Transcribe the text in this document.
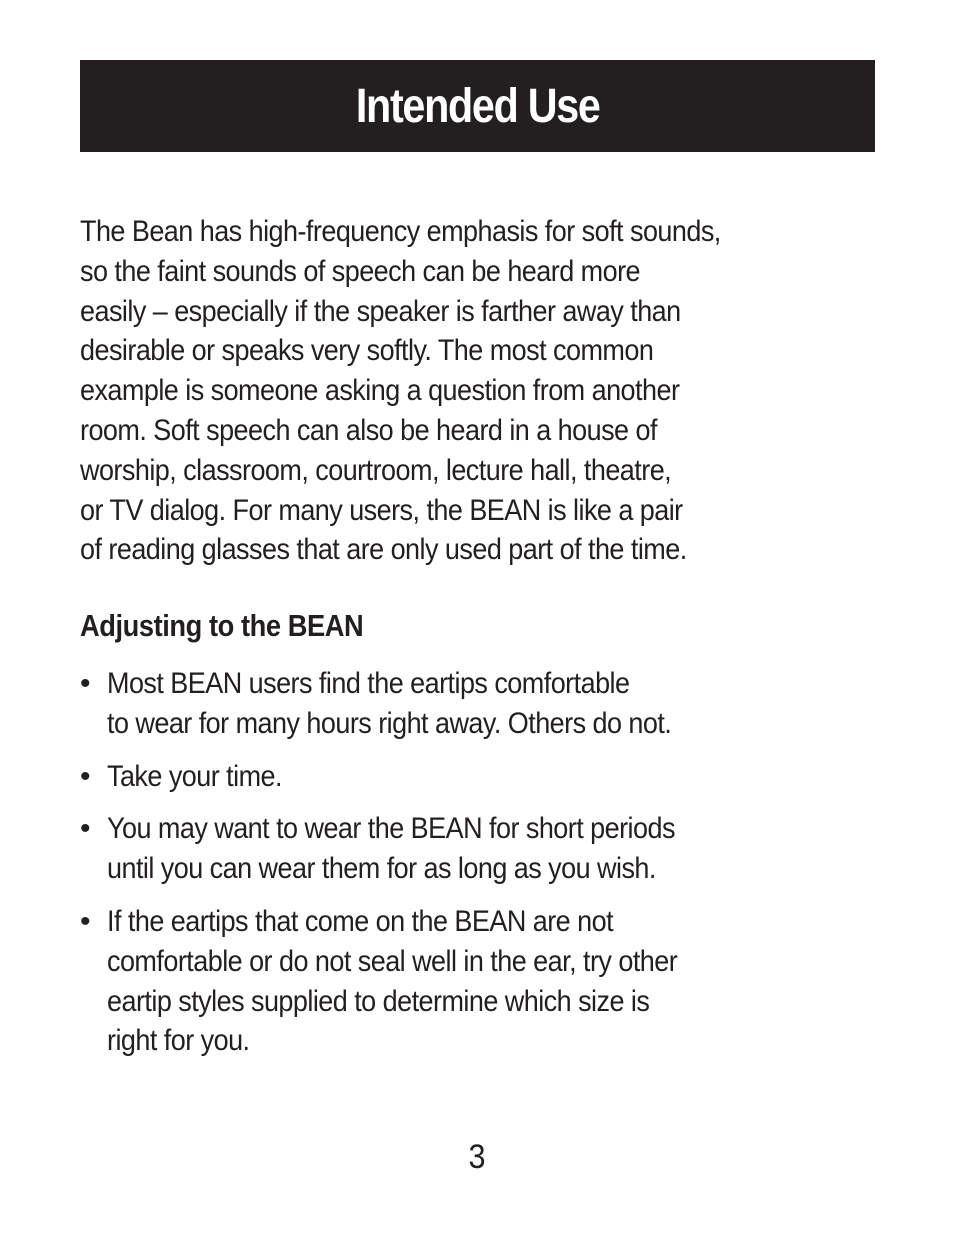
Intended Use

The Bean has high-frequency emphasis for soft sounds,
so the faint sounds of speech can be heard more
easily – especially if the speaker is farther away than
desirable or speaks very softly. The most common
example is someone asking a question from another
room. Soft speech can also be heard in a house of
worship, classroom, courtroom, lecture hall, theatre,
or TV dialog. For many users, the BEAN is like a pair
of reading glasses that are only used part of the time.

Adjusting to the BEAN
• Most BEAN users find the eartips comfortable
to wear for many hours right away. Others do not.
• Take your time.
• You may want to wear the BEAN for short periods
until you can wear them for as long as you wish.
• If the eartips that come on the BEAN are not
comfortable or do not seal well in the ear, try other
eartip styles supplied to determine which size is
right for you.
3
